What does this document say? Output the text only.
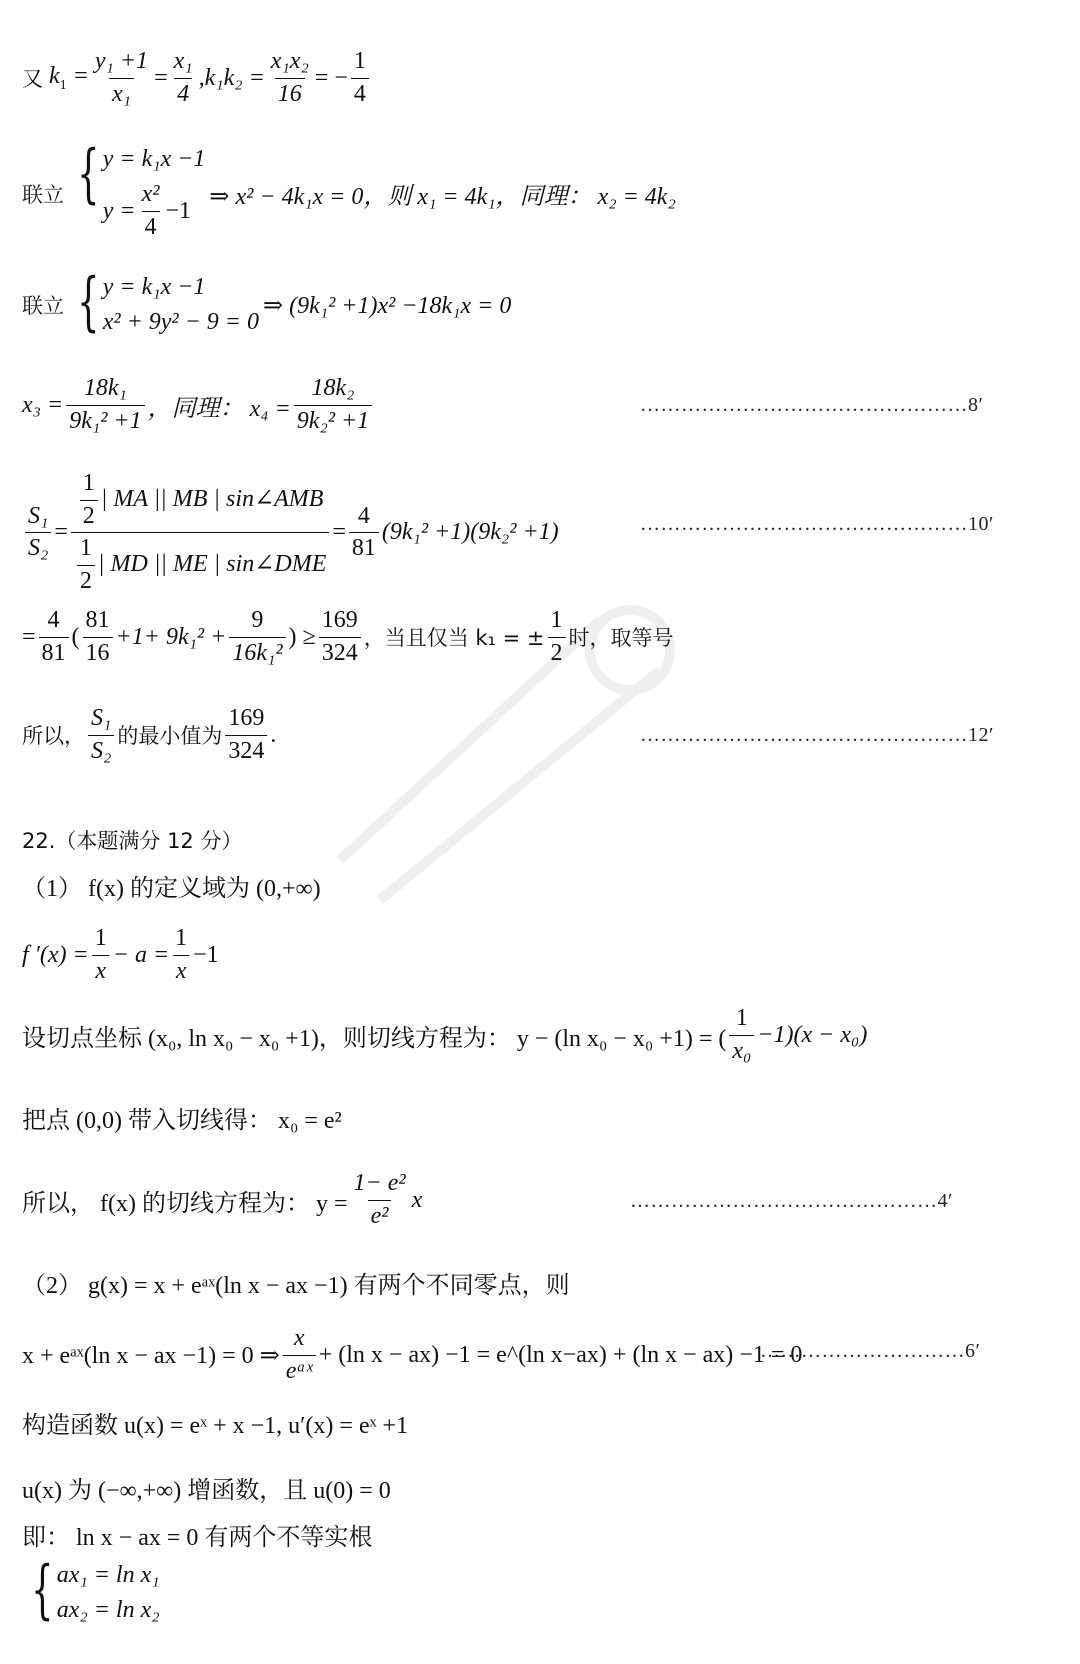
又 $k_1 = \frac{\text{y₁ +1}}{\text{x₁}} = \frac{\text{x₁}}{4} ,k_1k_2 = \frac{\text{x₁x₂}}{16}$ = − $\frac{1}{4}$
联立 { y = k₁x −1
$y = \frac{\text{x²}}{4} -1$
⇒ x² − 4k₁x = 0，则 x₁ = 4k₁，同理： x₂ = 4k₂
联立 { y = k₁x −1
x² + 9y² − 9 = 0
⇒ (9k₁² +1)x² −18k₁x = 0
$x_3 = \frac{\text{18k₁}}{\text{9k₁² +1}}$ ，同理： $x_4 = \frac{\text{18k₂}}{\text{9k₂² +1}}$	…………………………………………8′
$\frac{\text{S₁}}{\text{S₂}} = \frac{\frac{1}{2} | MA || MB | \sin\angle AMB}{\frac{1}{2} | MD || ME | \sin\angle DME} = \frac{4}{81} (9k_1^2 +1)(9k_2^2 +1)$	…………………………………………10′
= $\frac{4}{81}$ ( $\frac{81}{16} +1+ 9k_1^2 + \frac{9}{\text{16k₁²}}$ ) ≥ $\frac{169}{324}$ ，当且仅当 k₁ = ± $\frac{1}{2}$ 时，取等号
所以， $\frac{\text{S₁}}{\text{S₂}}$ 的最小值为 $\frac{169}{324}$ .	…………………………………………12′
22.（本题满分 12 分）
（1） f(x) 的定义域为 (0,+∞)
f $'(x) = \frac{1}{x} - a = \frac{1}{x} -1$
设切点坐标 (x₀, ln x₀ − x₀ +1)，则切线方程为： y − (ln x₀ − x₀ +1) = ( $\frac{1}{\text{x₀}} -1)(x - x_0)$
把点 (0,0) 带入切线得： x₀ = e²
所以， f(x) 的切线方程为： $y = \frac{\text{1− e²}}{\text{e²}}$ x	………………………………………4′
（2） g(x) = x + eᵃˣ(ln x − ax −1) 有两个不同零点，则
x + eᵃˣ(ln x − ax −1) = 0 ⇒ $\frac{x}{\text{eᵃˣ}} + (\ln$ x − ax) −1 = e^(ln x−ax) + (ln x − ax) −1 = 0
…………………………6′
构造函数 u(x) = eˣ + x −1, u′(x) = eˣ +1
u(x) 为 (−∞,+∞) 增函数，且 u(0) = 0
即： ln x − ax = 0 有两个不等实根
{ ax₁ = ln x₁
ax₂ = ln x₂
